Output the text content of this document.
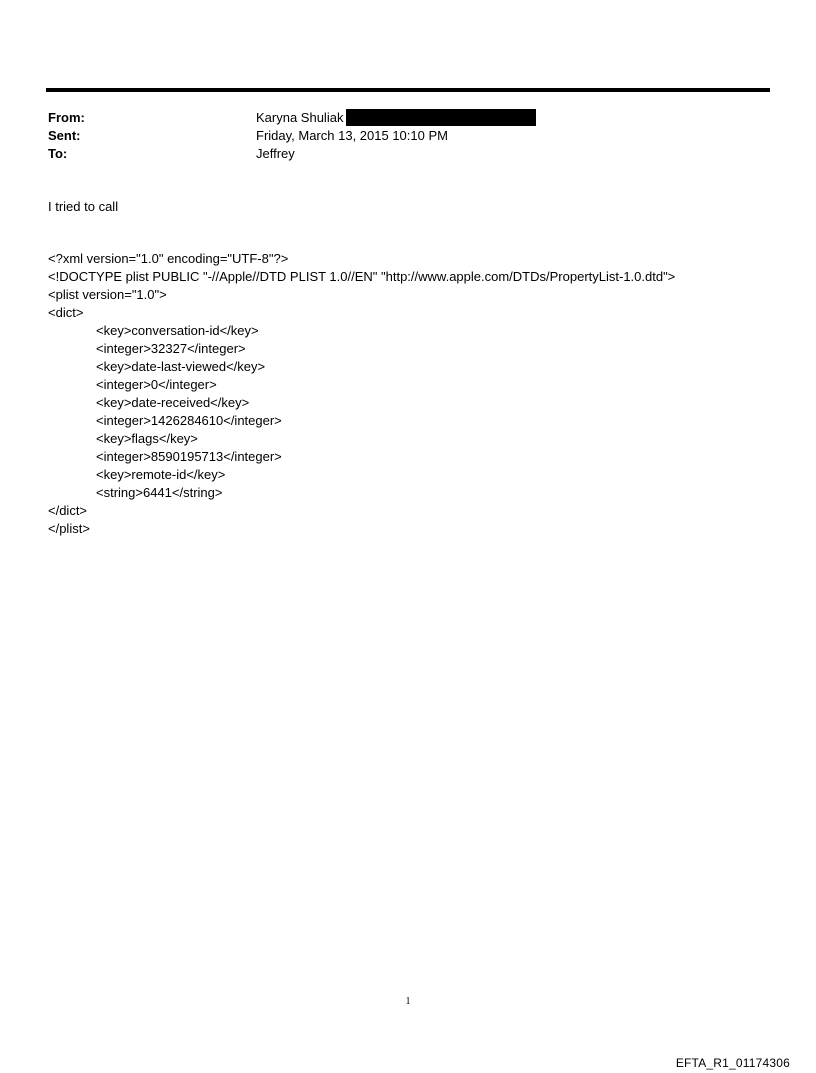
From:	Karyna Shuliak
Sent:	Friday, March 13, 2015 10:10 PM
To:	Jeffrey
I tried to call
<?xml version="1.0" encoding="UTF-8"?>
<!DOCTYPE plist PUBLIC "-//Apple//DTD PLIST 1.0//EN" "http://www.apple.com/DTDs/PropertyList-1.0.dtd">
<plist version="1.0">
<dict>
<key>conversation-id</key>
<integer>32327</integer>
<key>date-last-viewed</key>
<integer>0</integer>
<key>date-received</key>
<integer>1426284610</integer>
<key>flags</key>
<integer>8590195713</integer>
<key>remote-id</key>
<string>6441</string>
</dict>
</plist>
1
EFTA_R1_01174306
